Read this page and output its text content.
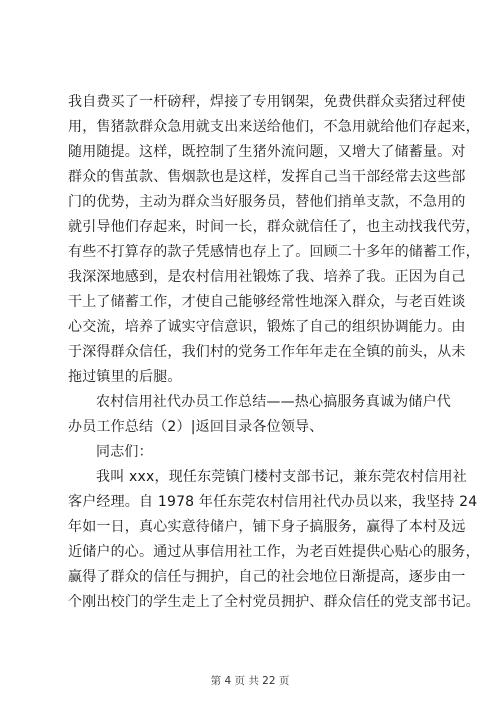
我自费买了一杆磅秤，焊接了专用钢架，免费供群众卖猪过秤使
用，售猪款群众急用就支出来送给他们，不急用就给他们存起来，
随用随提。这样，既控制了生猪外流问题，又增大了储蓄量。对
群众的售茧款、售烟款也是这样，发挥自己当干部经常去这些部
门的优势，主动为群众当好服务员，替他们捎单支款，不急用的
就引导他们存起来，时间一长，群众就信任了，也主动找我代劳，
有些不打算存的款子凭感情也存上了。回顾二十多年的储蓄工作，
我深深地感到，是农村信用社锻炼了我、培养了我。正因为自己
干上了储蓄工作，才使自己能够经常性地深入群众，与老百姓谈
心交流，培养了诚实守信意识，锻炼了自己的组织协调能力。由
于深得群众信任，我们村的党务工作年年走在全镇的前头，从未
拖过镇里的后腿。
农村信用社代办员工作总结——热心搞服务真诚为储户代
办员工作总结（2）|返回目录各位领导、
同志们：
我叫 xxx，现任东莞镇门楼村支部书记，兼东莞农村信用社
客户经理。自 1978 年任东莞农村信用社代办员以来，我坚持 24
年如一日，真心实意待储户，铺下身子搞服务，赢得了本村及远
近储户的心。通过从事信用社工作，为老百姓提供心贴心的服务，
赢得了群众的信任与拥护，自己的社会地位日渐提高，逐步由一
个刚出校门的学生走上了全村党员拥护、群众信任的党支部书记。
第 4 页 共 22 页
